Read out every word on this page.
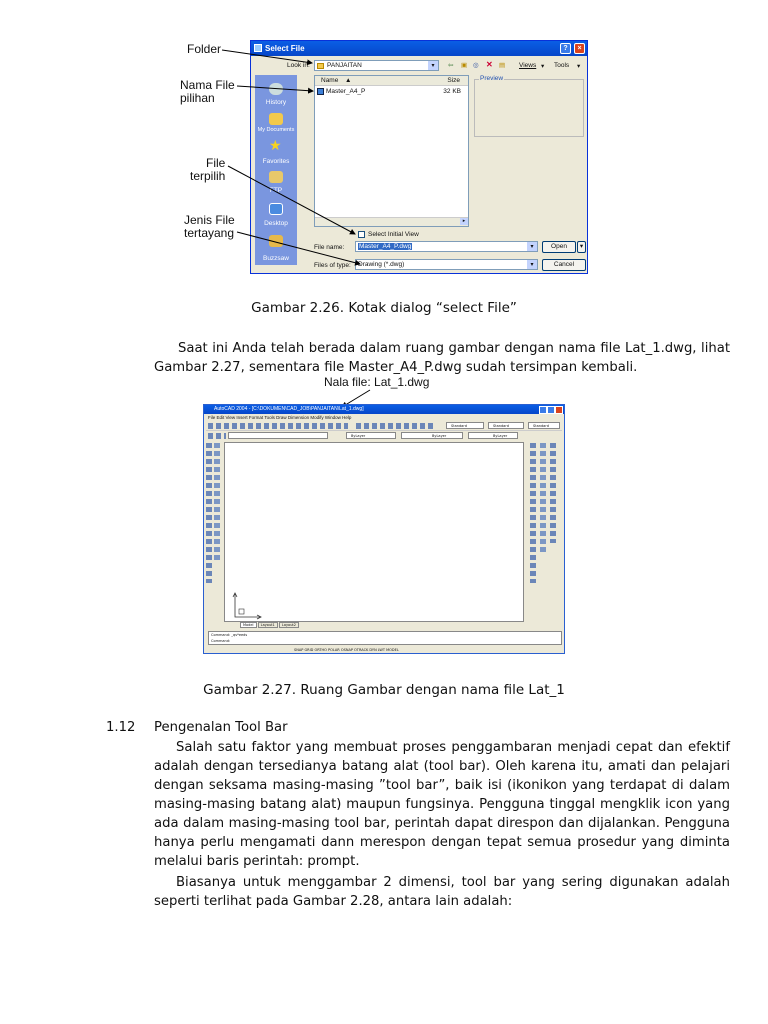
Folder
Nama File
pilihan
File
terpilih
Jenis File
tertayang
Select File	?	×
Look in:	PANJAITAN	▾	⇦ ▣ ◎ ✕ ▤ Views ▾ Tools ▾
History
My Documents
★
Favorites
FTP
Desktop
Buzzsaw
Name ▲	Size
Master_A4_P	32 KB
▸
Preview
Select Initial View
File name: Master_A4_P.dwg	▾
Files of type: Drawing (*.dwg)	▾
Open	▾
Cancel
Gambar 2.26. Kotak dialog “select File”
Saat ini Anda telah berada dalam ruang gambar dengan nama file Lat_1.dwg, lihat Gambar 2.27, sementara file Master_A4_P.dwg sudah tersimpan kembali.
Nala file: Lat_1.dwg
AutoCAD 2004 - [C:\DOKUMEN\CAD_JOB\PANJAITAN\Lat_1.dwg]
File Edit View Insert Format Tools Draw Dimension Modify Window Help
Standard	Standard	Standard
ByLayer	ByLayer	ByLayer
Model Layout1 Layout2
Command: _qs*eeds
Command:
SNAP GRID ORTHO POLAR OSNAP OTRACK DYN LWT MODEL
Gambar 2.27. Ruang Gambar dengan nama file Lat_1
1.12 Pengenalan Tool Bar
Salah satu faktor yang membuat proses penggambaran menjadi cepat dan efektif adalah dengan tersedianya batang alat (tool bar). Oleh karena itu, amati dan pelajari dengan seksama masing-masing ”tool bar”, baik isi (ikonikon yang terdapat di dalam masing-masing batang alat) maupun fungsinya. Pengguna tinggal mengklik icon yang ada dalam masing-masing tool bar, perintah dapat direspon dan dijalankan. Pengguna hanya perlu mengamati dann merespon dengan tepat semua prosedur yang diminta melalui baris perintah: prompt.
Biasanya untuk menggambar 2 dimensi, tool bar yang sering digunakan adalah seperti terlihat pada Gambar 2.28, antara lain adalah:
